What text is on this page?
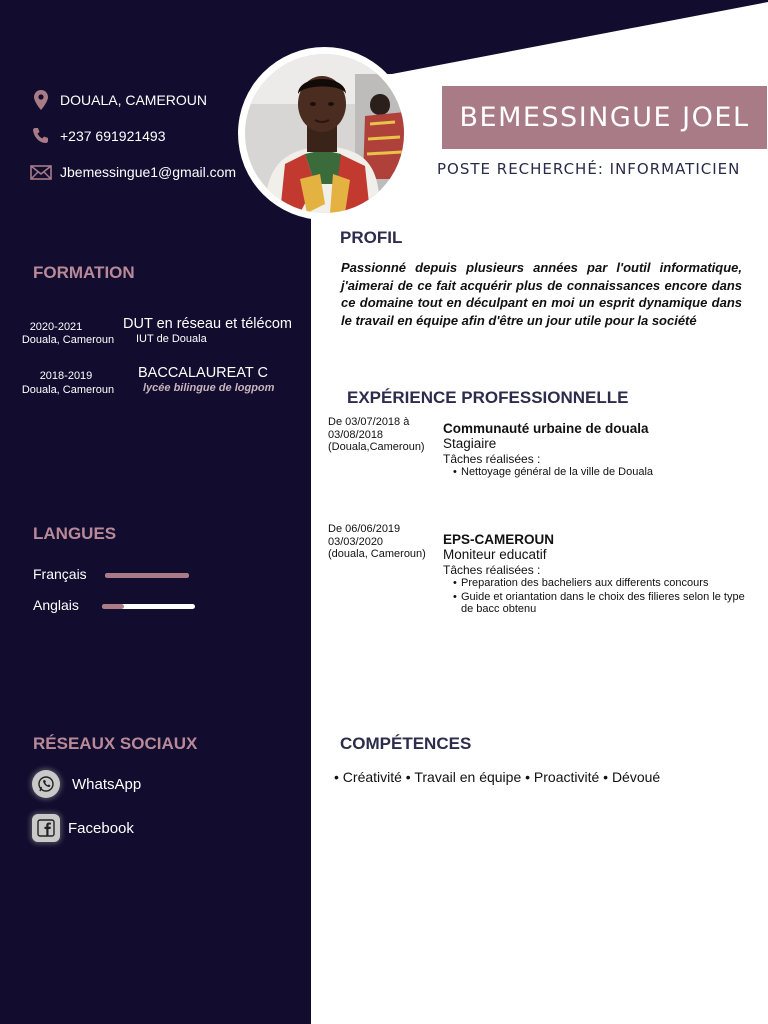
DOUALA, CAMEROUN
+237 691921493
Jbemessingue1@gmail.com
BEMESSINGUE JOEL
POSTE RECHERCHÉ: INFORMATICIEN
PROFIL
Passionné depuis plusieurs années par l'outil informatique, j'aimerai de ce fait acquérir plus de connaissances encore dans ce domaine tout en déculpant en moi un esprit dynamique dans le travail en équipe afin d'être un jour utile pour la société
FORMATION
2020-2021
Douala, Cameroun
DUT en réseau et télécom
IUT de Douala
2018-2019
Douala, Cameroun
BACCALAUREAT C
lycée bilingue de logpom	EXPÉRIENCE PROFESSIONNELLE
De 03/07/2018 à
03/08/2018
(Douala,Cameroun)
Communauté urbaine de douala
Stagiaire
Tâches réalisées :
• Nettoyage général de la ville de Douala
De 06/06/2019
03/03/2020
(douala, Cameroun)
EPS-CAMEROUN
Moniteur educatif
Tâches réalisées :
• Preparation des bacheliers aux differents concours
• Guide et oriantation dans le choix des filieres selon le type de bacc obtenu
LANGUES
Français
Anglais
RÉSEAUX SOCIAUX
WhatsApp
Facebook
COMPÉTENCES
• Créativité • Travail en équipe • Proactivité • Dévoué
